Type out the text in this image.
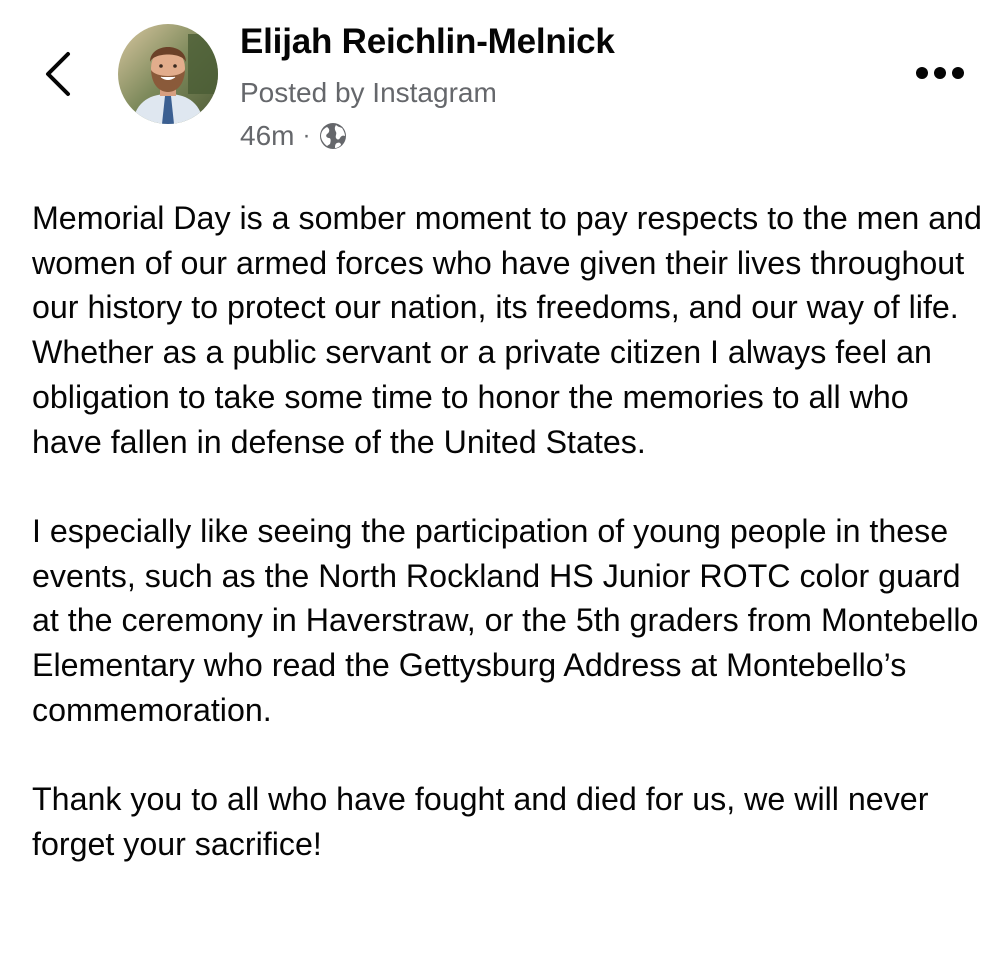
Elijah Reichlin-Melnick
Posted by Instagram
46m ·

Memorial Day is a somber moment to pay respects to the men and women of our armed forces who have given their lives throughout our history to protect our nation, its freedoms, and our way of life. Whether as a public servant or a private citizen I always feel an obligation to take some time to honor the memories to all who have fallen in defense of the United States.

I especially like seeing the participation of young people in these events, such as the North Rockland HS Junior ROTC color guard at the ceremony in Haverstraw, or the 5th graders from Montebello Elementary who read the Gettysburg Address at Montebello’s commemoration.

Thank you to all who have fought and died for us, we will never forget your sacrifice!
